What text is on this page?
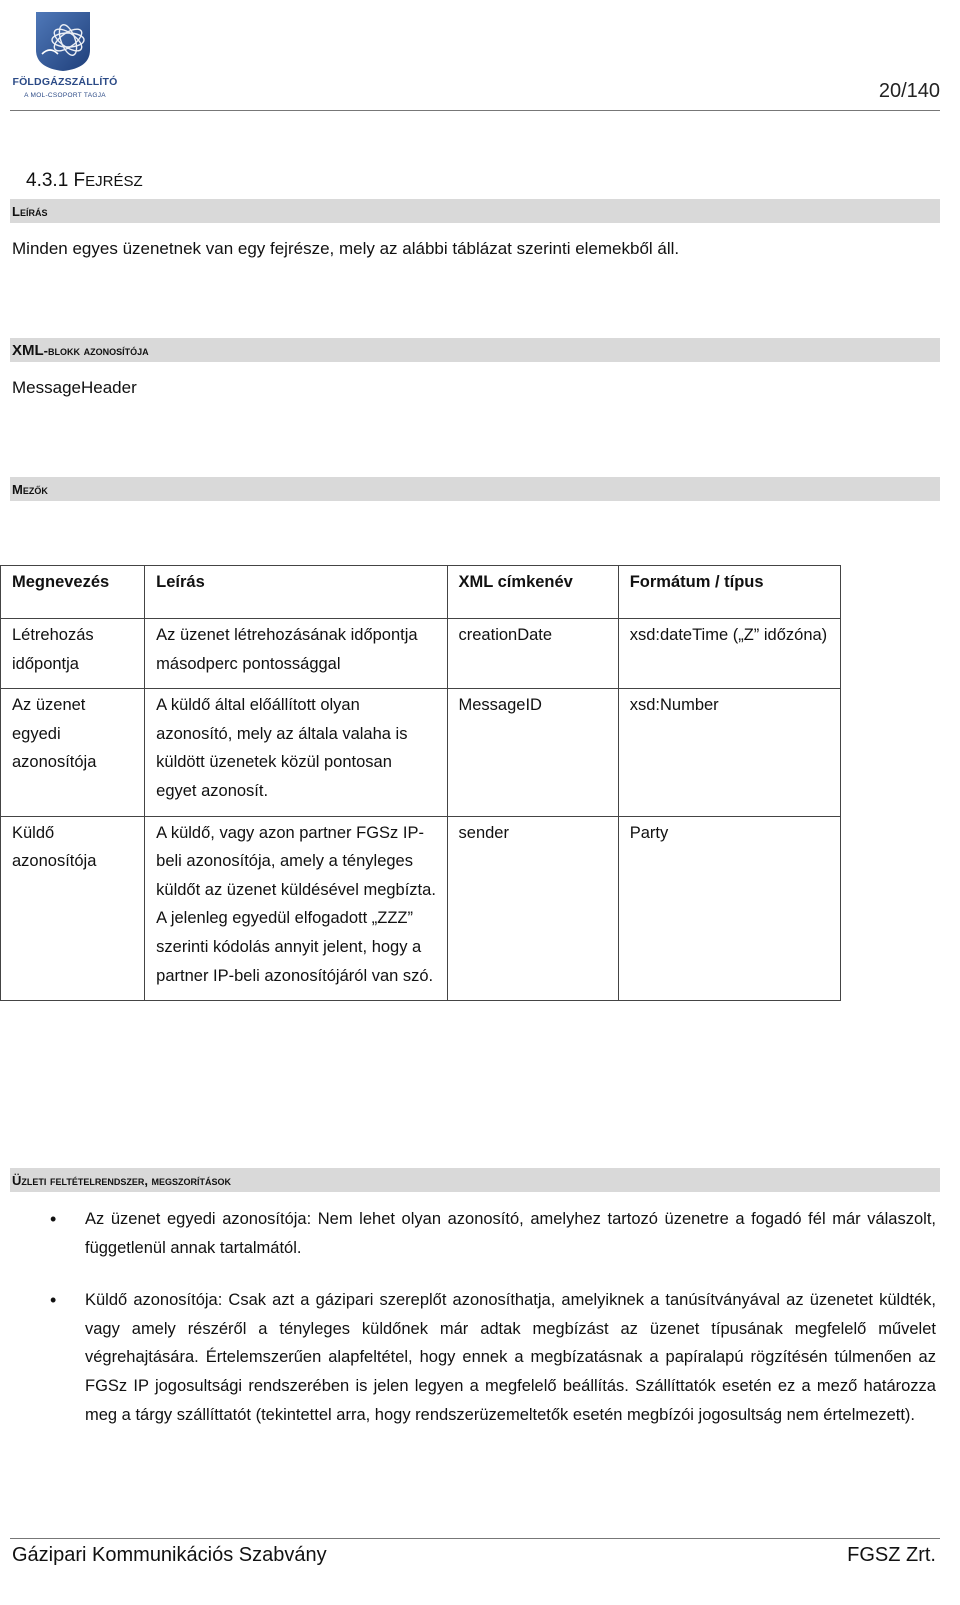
FÖLDGÁZSZÁLLÍTÓ
A MOL-CSOPORT TAGJA	20/140
4.3.1 FEJRÉSZ
Leírás
Minden egyes üzenetnek van egy fejrésze, mely az alábbi táblázat szerinti elemekből áll.
XML-blokk azonosítója
MessageHeader
Mezők
Megnevezés	Leírás	XML címkenév	Formátum / típus
Létrehozás időpontja	Az üzenet létrehozásának időpontja másodperc pontossággal	creationDate	xsd:dateTime („Z” időzóna)
Az üzenet egyedi azonosítója	A küldő által előállított olyan azonosító, mely az általa valaha is küldött üzenetek közül pontosan egyet azonosít.	MessageID	xsd:Number
Küldő azonosítója	A küldő, vagy azon partner FGSz IP-beli azonosítója, amely a tényleges küldőt az üzenet küldésével megbízta. A jelenleg egyedül elfogadott „ZZZ” szerinti kódolás annyit jelent, hogy a partner IP-beli azonosítójáról van szó.	sender	Party
Üzleti feltételrendszer, megszorítások
• Az üzenet egyedi azonosítója: Nem lehet olyan azonosító, amelyhez tartozó üzenetre a fogadó fél már válaszolt, függetlenül annak tartalmától.
• Küldő azonosítója: Csak azt a gázipari szereplőt azonosíthatja, amelyiknek a tanúsítványával az üzenetet küldték, vagy amely részéről a tényleges küldőnek már adtak megbízást az üzenet típusának megfelelő művelet végrehajtására. Értelemszerűen alapfeltétel, hogy ennek a megbízatásnak a papíralapú rögzítésén túlmenően az FGSz IP jogosultsági rendszerében is jelen legyen a megfelelő beállítás. Szállíttatók esetén ez a mező határozza meg a tárgy szállíttatót (tekintettel arra, hogy rendszerüzemeltetők esetén megbízói jogosultság nem értelmezett).
Gázipari Kommunikációs Szabvány	FGSZ Zrt.
